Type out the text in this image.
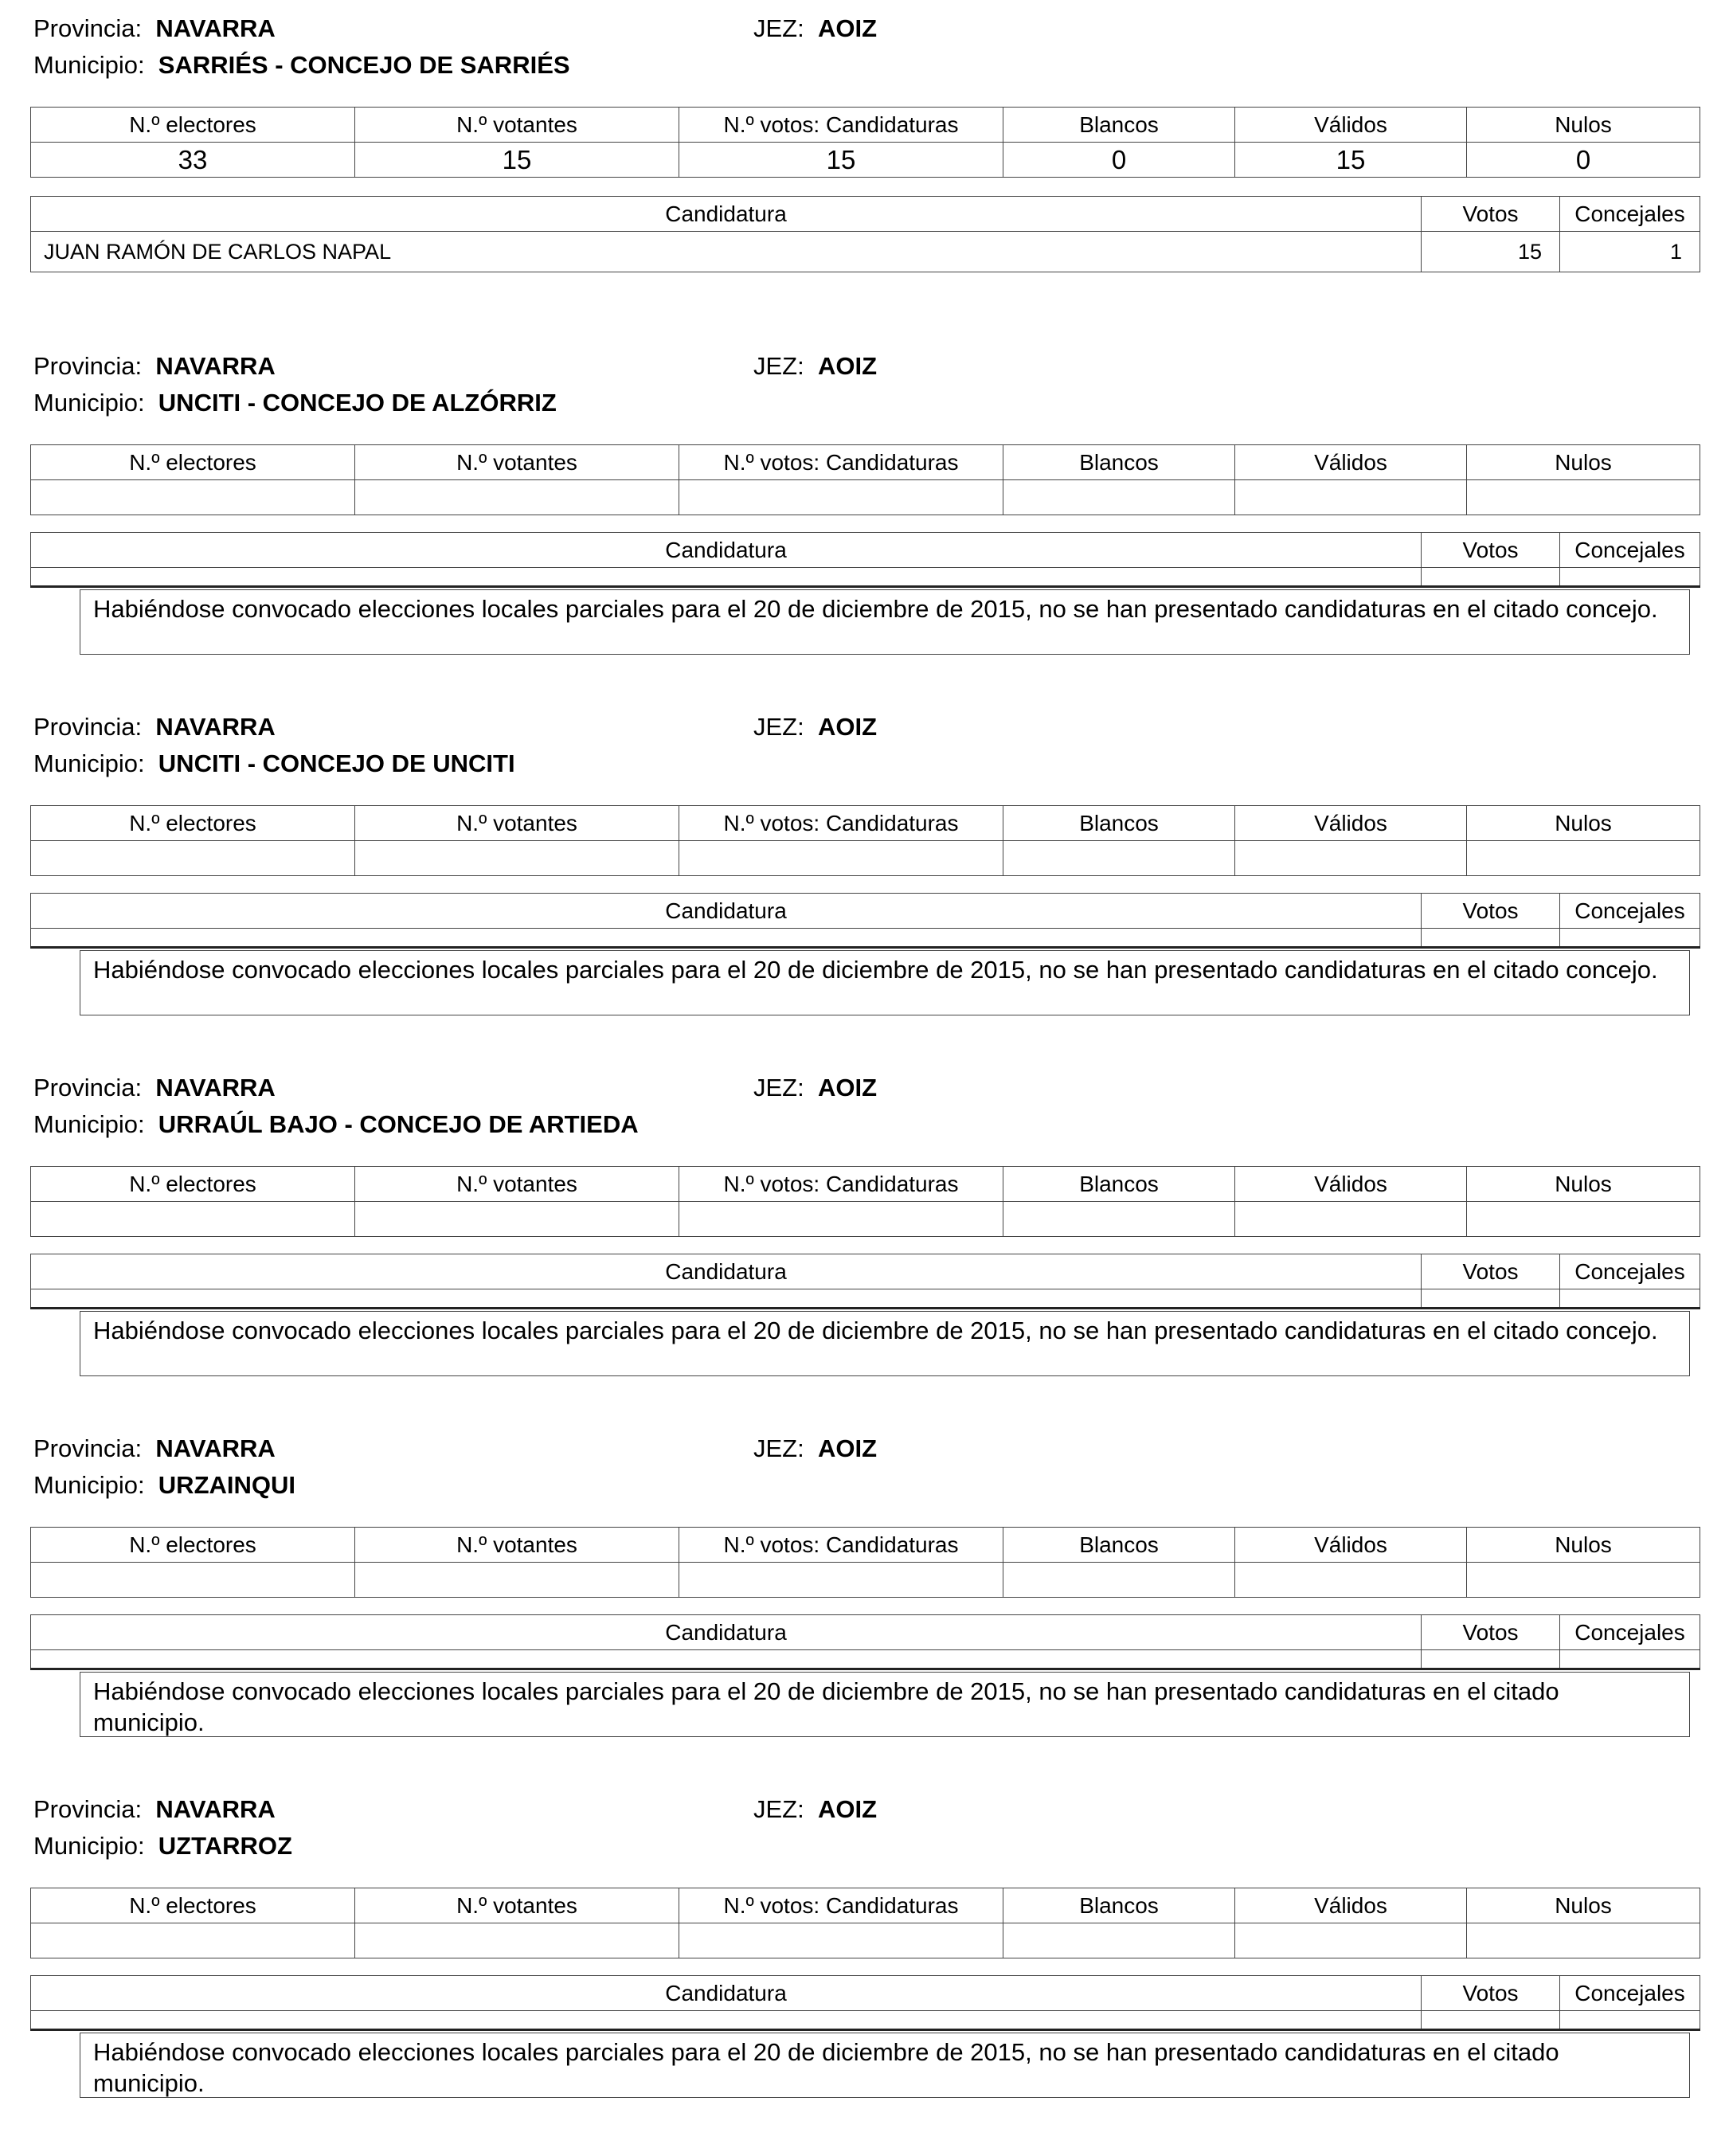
Provincia: NAVARRA	JEZ: AOIZ
Municipio: SARRIÉS - CONCEJO DE SARRIÉS
N.º electores	N.º votantes	N.º votos: Candidaturas	Blancos	Válidos	Nulos
33	15	15	0	15	0
Candidatura	Votos	Concejales
JUAN RAMÓN DE CARLOS NAPAL	15	1
Provincia: NAVARRA	JEZ: AOIZ
Municipio: UNCITI - CONCEJO DE ALZÓRRIZ
N.º electores	N.º votantes	N.º votos: Candidaturas	Blancos	Válidos	Nulos

Candidatura	Votos	Concejales

Habiéndose convocado elecciones locales parciales para el 20 de diciembre de 2015, no se han presentado candidaturas en el citado concejo.
Provincia: NAVARRA	JEZ: AOIZ
Municipio: UNCITI - CONCEJO DE UNCITI
N.º electores	N.º votantes	N.º votos: Candidaturas	Blancos	Válidos	Nulos

Candidatura	Votos	Concejales

Habiéndose convocado elecciones locales parciales para el 20 de diciembre de 2015, no se han presentado candidaturas en el citado concejo.
Provincia: NAVARRA	JEZ: AOIZ
Municipio: URRAÚL BAJO - CONCEJO DE ARTIEDA
N.º electores	N.º votantes	N.º votos: Candidaturas	Blancos	Válidos	Nulos

Candidatura	Votos	Concejales

Habiéndose convocado elecciones locales parciales para el 20 de diciembre de 2015, no se han presentado candidaturas en el citado concejo.
Provincia: NAVARRA	JEZ: AOIZ
Municipio: URZAINQUI
N.º electores	N.º votantes	N.º votos: Candidaturas	Blancos	Válidos	Nulos

Candidatura	Votos	Concejales

Habiéndose convocado elecciones locales parciales para el 20 de diciembre de 2015, no se han presentado candidaturas en el citado municipio.
Provincia: NAVARRA	JEZ: AOIZ
Municipio: UZTARROZ
N.º electores	N.º votantes	N.º votos: Candidaturas	Blancos	Válidos	Nulos

Candidatura	Votos	Concejales

Habiéndose convocado elecciones locales parciales para el 20 de diciembre de 2015, no se han presentado candidaturas en el citado municipio.
